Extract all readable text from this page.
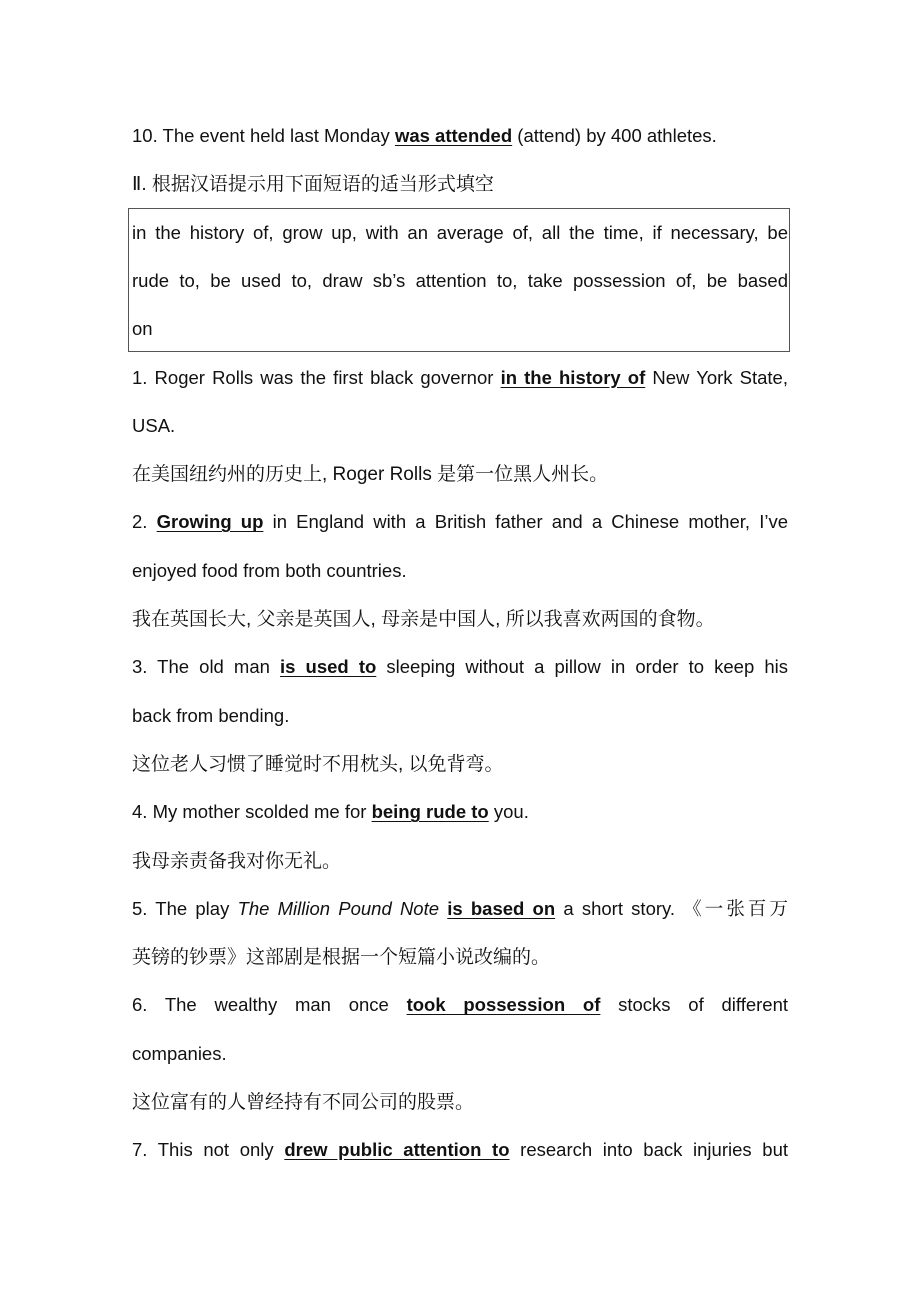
10. The event held last Monday was attended (attend) by 400 athletes.
Ⅱ. 根据汉语提示用下面短语的适当形式填空
in the history of, grow up, with an average of, all the time, if necessary, be
rude to, be used to, draw sb’s attention to, take possession of, be based
on
1. Roger Rolls was the first black governor in the history of New York State,
USA.
在美国纽约州的历史上, Roger Rolls 是第一位黑人州长。
2. Growing up in England with a British father and a Chinese mother, I’ve
enjoyed food from both countries.
我在英国长大, 父亲是英国人, 母亲是中国人, 所以我喜欢两国的食物。
3. The old man is used to sleeping without a pillow in order to keep his
back from bending.
这位老人习惯了睡觉时不用枕头, 以免背弯。
4. My mother scolded me for being rude to you.
我母亲责备我对你无礼。
5. The play The Million Pound Note is based on a short story. 《一张百万
英镑的钞票》这部剧是根据一个短篇小说改编的。
6. The wealthy man once took possession of stocks of different
companies.
这位富有的人曾经持有不同公司的股票。
7. This not only drew public attention to research into back injuries but
